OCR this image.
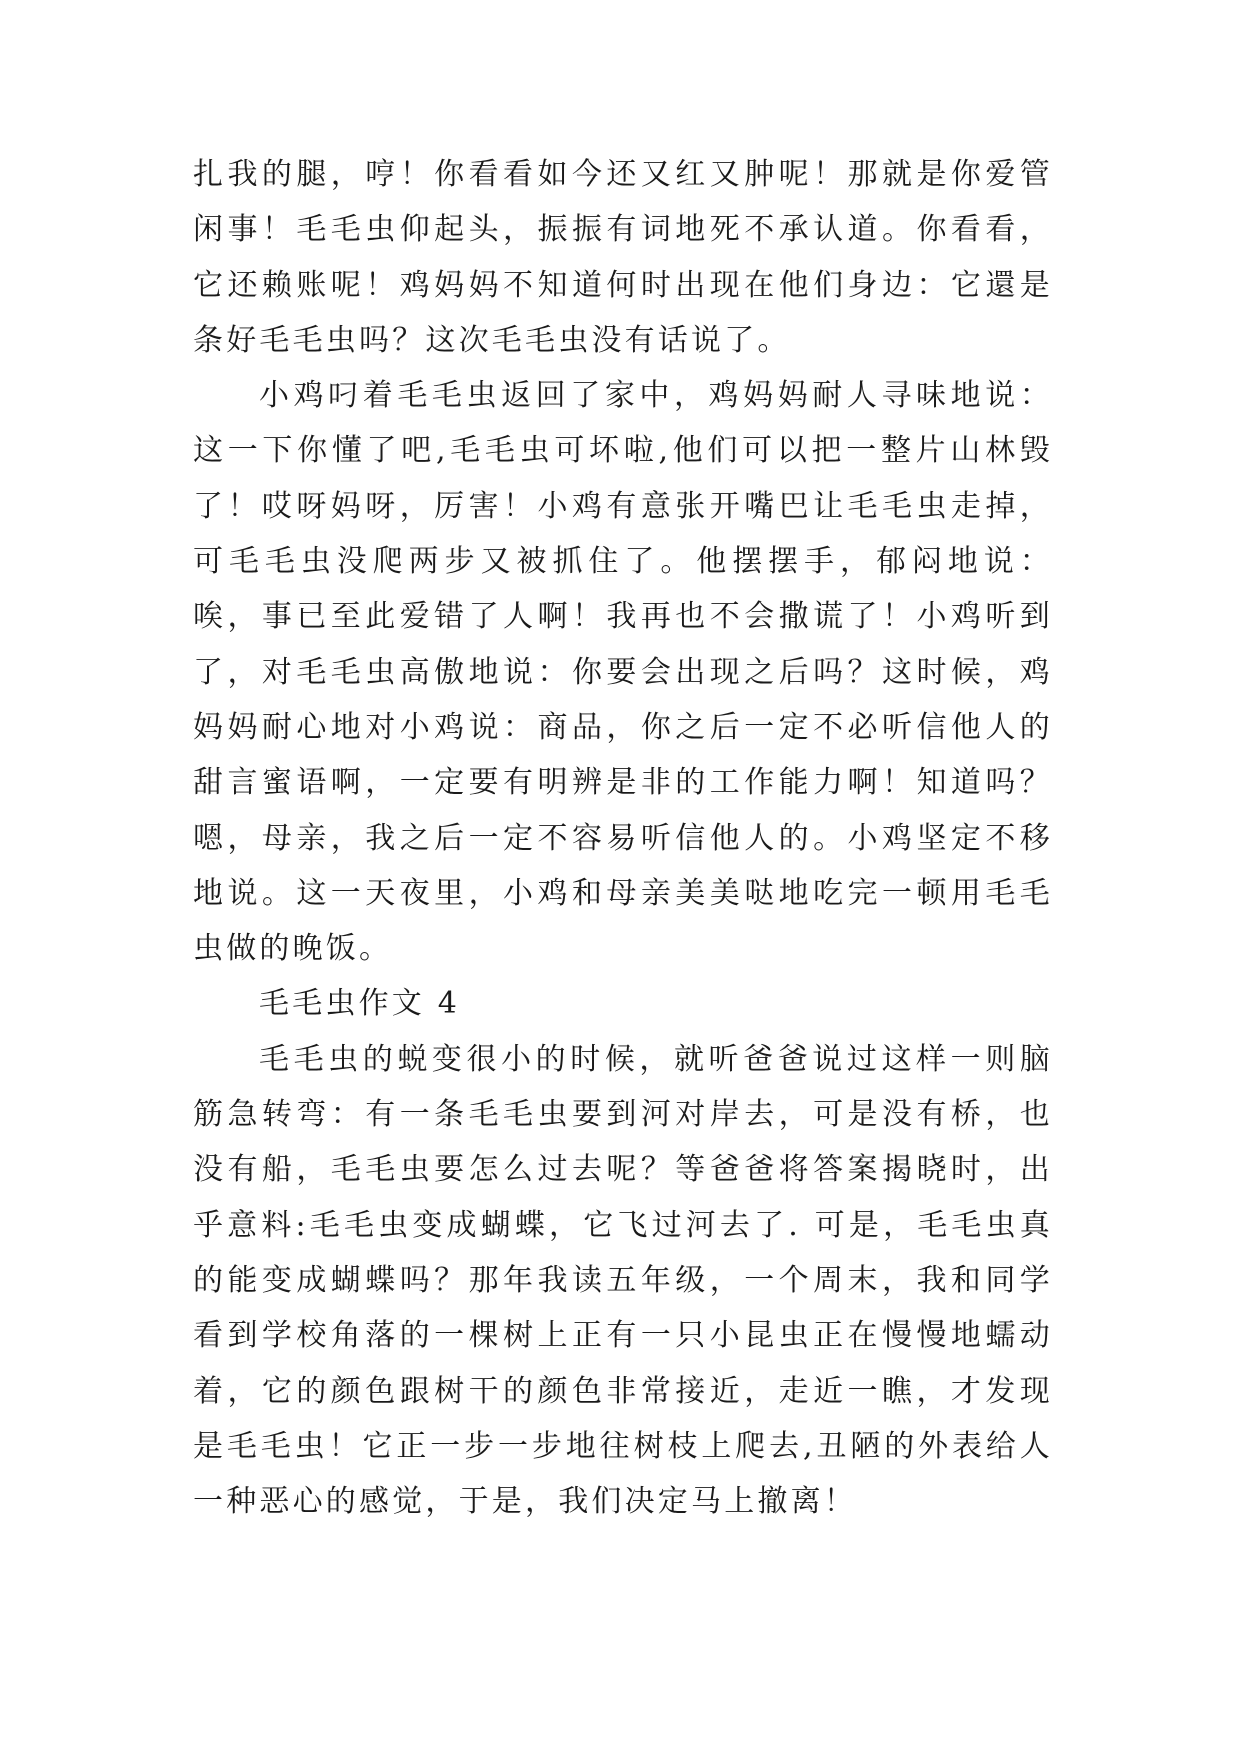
扎我的腿，哼！你看看如今还又红又肿呢！那就是你爱管闲事！毛毛虫仰起头，振振有词地死不承认道。你看看，它还赖账呢！鸡妈妈不知道何时出现在他们身边：它還是条好毛毛虫吗？这次毛毛虫没有话说了。

小鸡叼着毛毛虫返回了家中，鸡妈妈耐人寻味地说：这一下你懂了吧,毛毛虫可坏啦,他们可以把一整片山林毁了！哎呀妈呀，厉害！小鸡有意张开嘴巴让毛毛虫走掉，可毛毛虫没爬两步又被抓住了。他摆摆手，郁闷地说：唉，事已至此爱错了人啊！我再也不会撒谎了！小鸡听到了，对毛毛虫高傲地说：你要会出现之后吗？这时候，鸡妈妈耐心地对小鸡说：商品，你之后一定不必听信他人的甜言蜜语啊，一定要有明辨是非的工作能力啊！知道吗？嗯，母亲，我之后一定不容易听信他人的。小鸡坚定不移地说。这一天夜里，小鸡和母亲美美哒地吃完一顿用毛毛虫做的晚饭。

毛毛虫作文 4

毛毛虫的蜕变很小的时候，就听爸爸说过这样一则脑筋急转弯：有一条毛毛虫要到河对岸去，可是没有桥，也没有船，毛毛虫要怎么过去呢？等爸爸将答案揭晓时，出乎意料:毛毛虫变成蝴蝶，它飞过河去了. 可是，毛毛虫真的能变成蝴蝶吗？那年我读五年级，一个周末，我和同学看到学校角落的一棵树上正有一只小昆虫正在慢慢地蠕动着，它的颜色跟树干的颜色非常接近，走近一瞧，才发现是毛毛虫！它正一步一步地往树枝上爬去,丑陋的外表给人一种恶心的感觉，于是，我们决定马上撤离！
